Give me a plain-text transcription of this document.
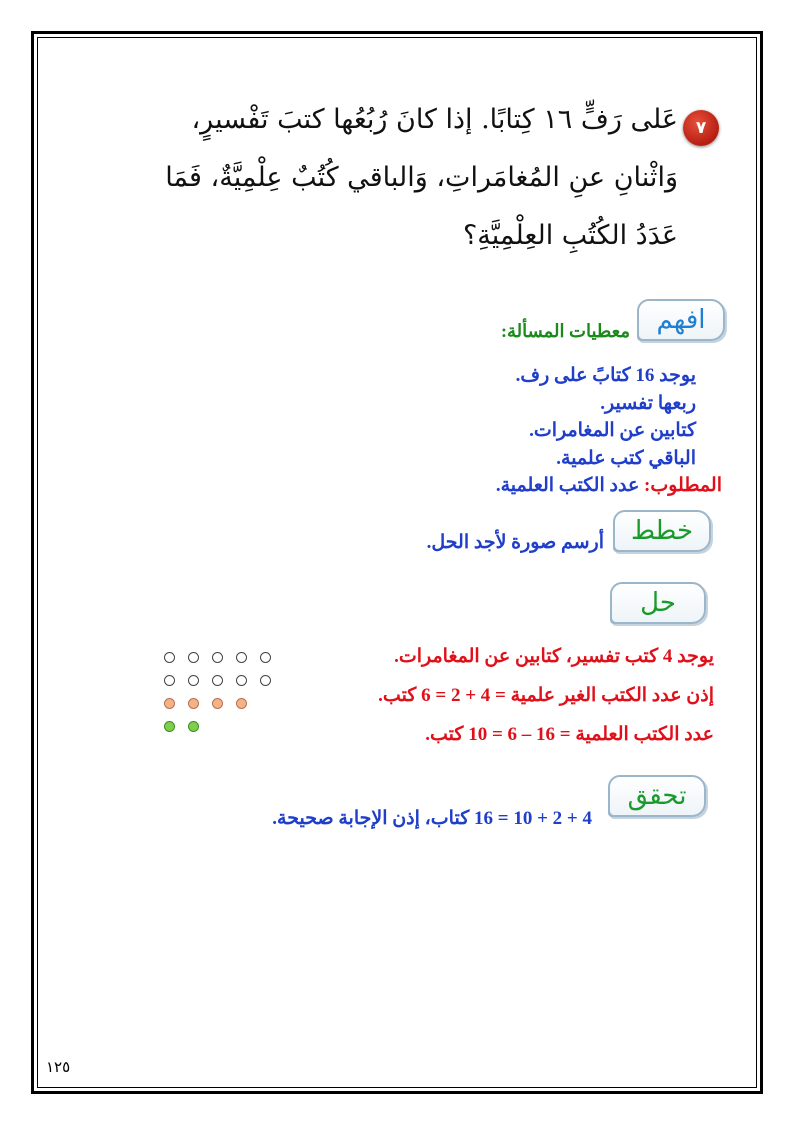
٧
عَلى رَفٍّ ١٦ كِتابًا. إذا كانَ رُبُعُها كتبَ تَفْسيرٍ،
وَاثْنانِ عنِ المُغامَراتِ، وَالباقي كُتُبٌ عِلْمِيَّةٌ، فَمَا
عَدَدُ الكُتُبِ العِلْمِيَّةِ؟
افهم
معطيات المسألة:
يوجد 16 كتابً على رف.
ربعها تفسير.
كتابين عن المغامرات.
الباقي كتب علمية.
المطلوب: عدد الكتب العلمية.
خطط
أرسم صورة لأجد الحل.
حل
يوجد 4 كتب تفسير، كتابين عن المغامرات.
إذن عدد الكتب الغير علمية = 4 + 2 = 6 كتب.
عدد الكتب العلمية = 16 – 6 = 10 كتب.
تحقق
4 + 2 + 10 = 16 كتاب، إذن الإجابة صحيحة.
١٢٥
